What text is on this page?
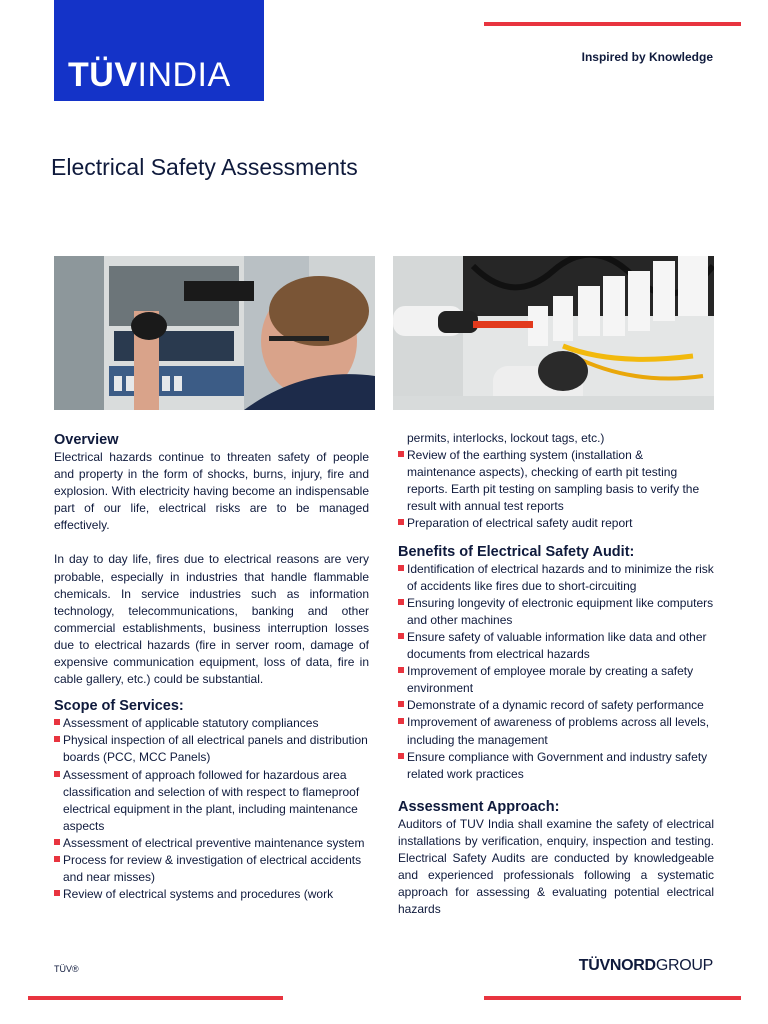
TÜVINDIA	Inspired by Knowledge
Electrical Safety Assessments
Overview

Electrical hazards continue to threaten safety of people and property in the form of shocks, burns, injury, fire and explosion. With electricity having become an indispensable part of our life, electrical risks are to be managed effectively.

In day to day life, fires due to electrical reasons are very probable, especially in industries that handle flammable chemicals. In service industries such as information technology, telecommunications, banking and other commercial establishments, business interruption losses due to electrical hazards (fire in server room, damage of expensive communication equipment, loss of data, fire in cable gallery, etc.) could be substantial.

Scope of Services:
Assessment of applicable statutory compliances
Physical inspection of all electrical panels and distribution boards (PCC, MCC Panels)
Assessment of approach followed for hazardous area classification and selection of with respect to flameproof electrical equipment in the plant, including maintenance aspects
Assessment of electrical preventive maintenance system
Process for review & investigation of electrical accidents and near misses)
Review of electrical systems and procedures (work
permits, interlocks, lockout tags, etc.)
Review of the earthing system (installation & maintenance aspects), checking of earth pit testing reports. Earth pit testing on sampling basis to verify the result with annual test reports
Preparation of electrical safety audit report
Benefits of Electrical Safety Audit:
Identification of electrical hazards and to minimize the risk of accidents like fires due to short-circuiting
Ensuring longevity of electronic equipment like computers and other machines
Ensure safety of valuable information like data and other documents from electrical hazards
Improvement of employee morale by creating a safety environment
Demonstrate of a dynamic record of safety performance
Improvement of awareness of problems across all levels, including the management
Ensure compliance with Government and industry safety related work practices
Assessment Approach:

Auditors of TUV India shall examine the safety of electrical installations by verification, enquiry, inspection and testing. Electrical Safety Audits are conducted by knowledgeable and experienced professionals following a systematic approach for assessing & evaluating potential electrical hazards

TÜV®	TÜVNORDGROUP
